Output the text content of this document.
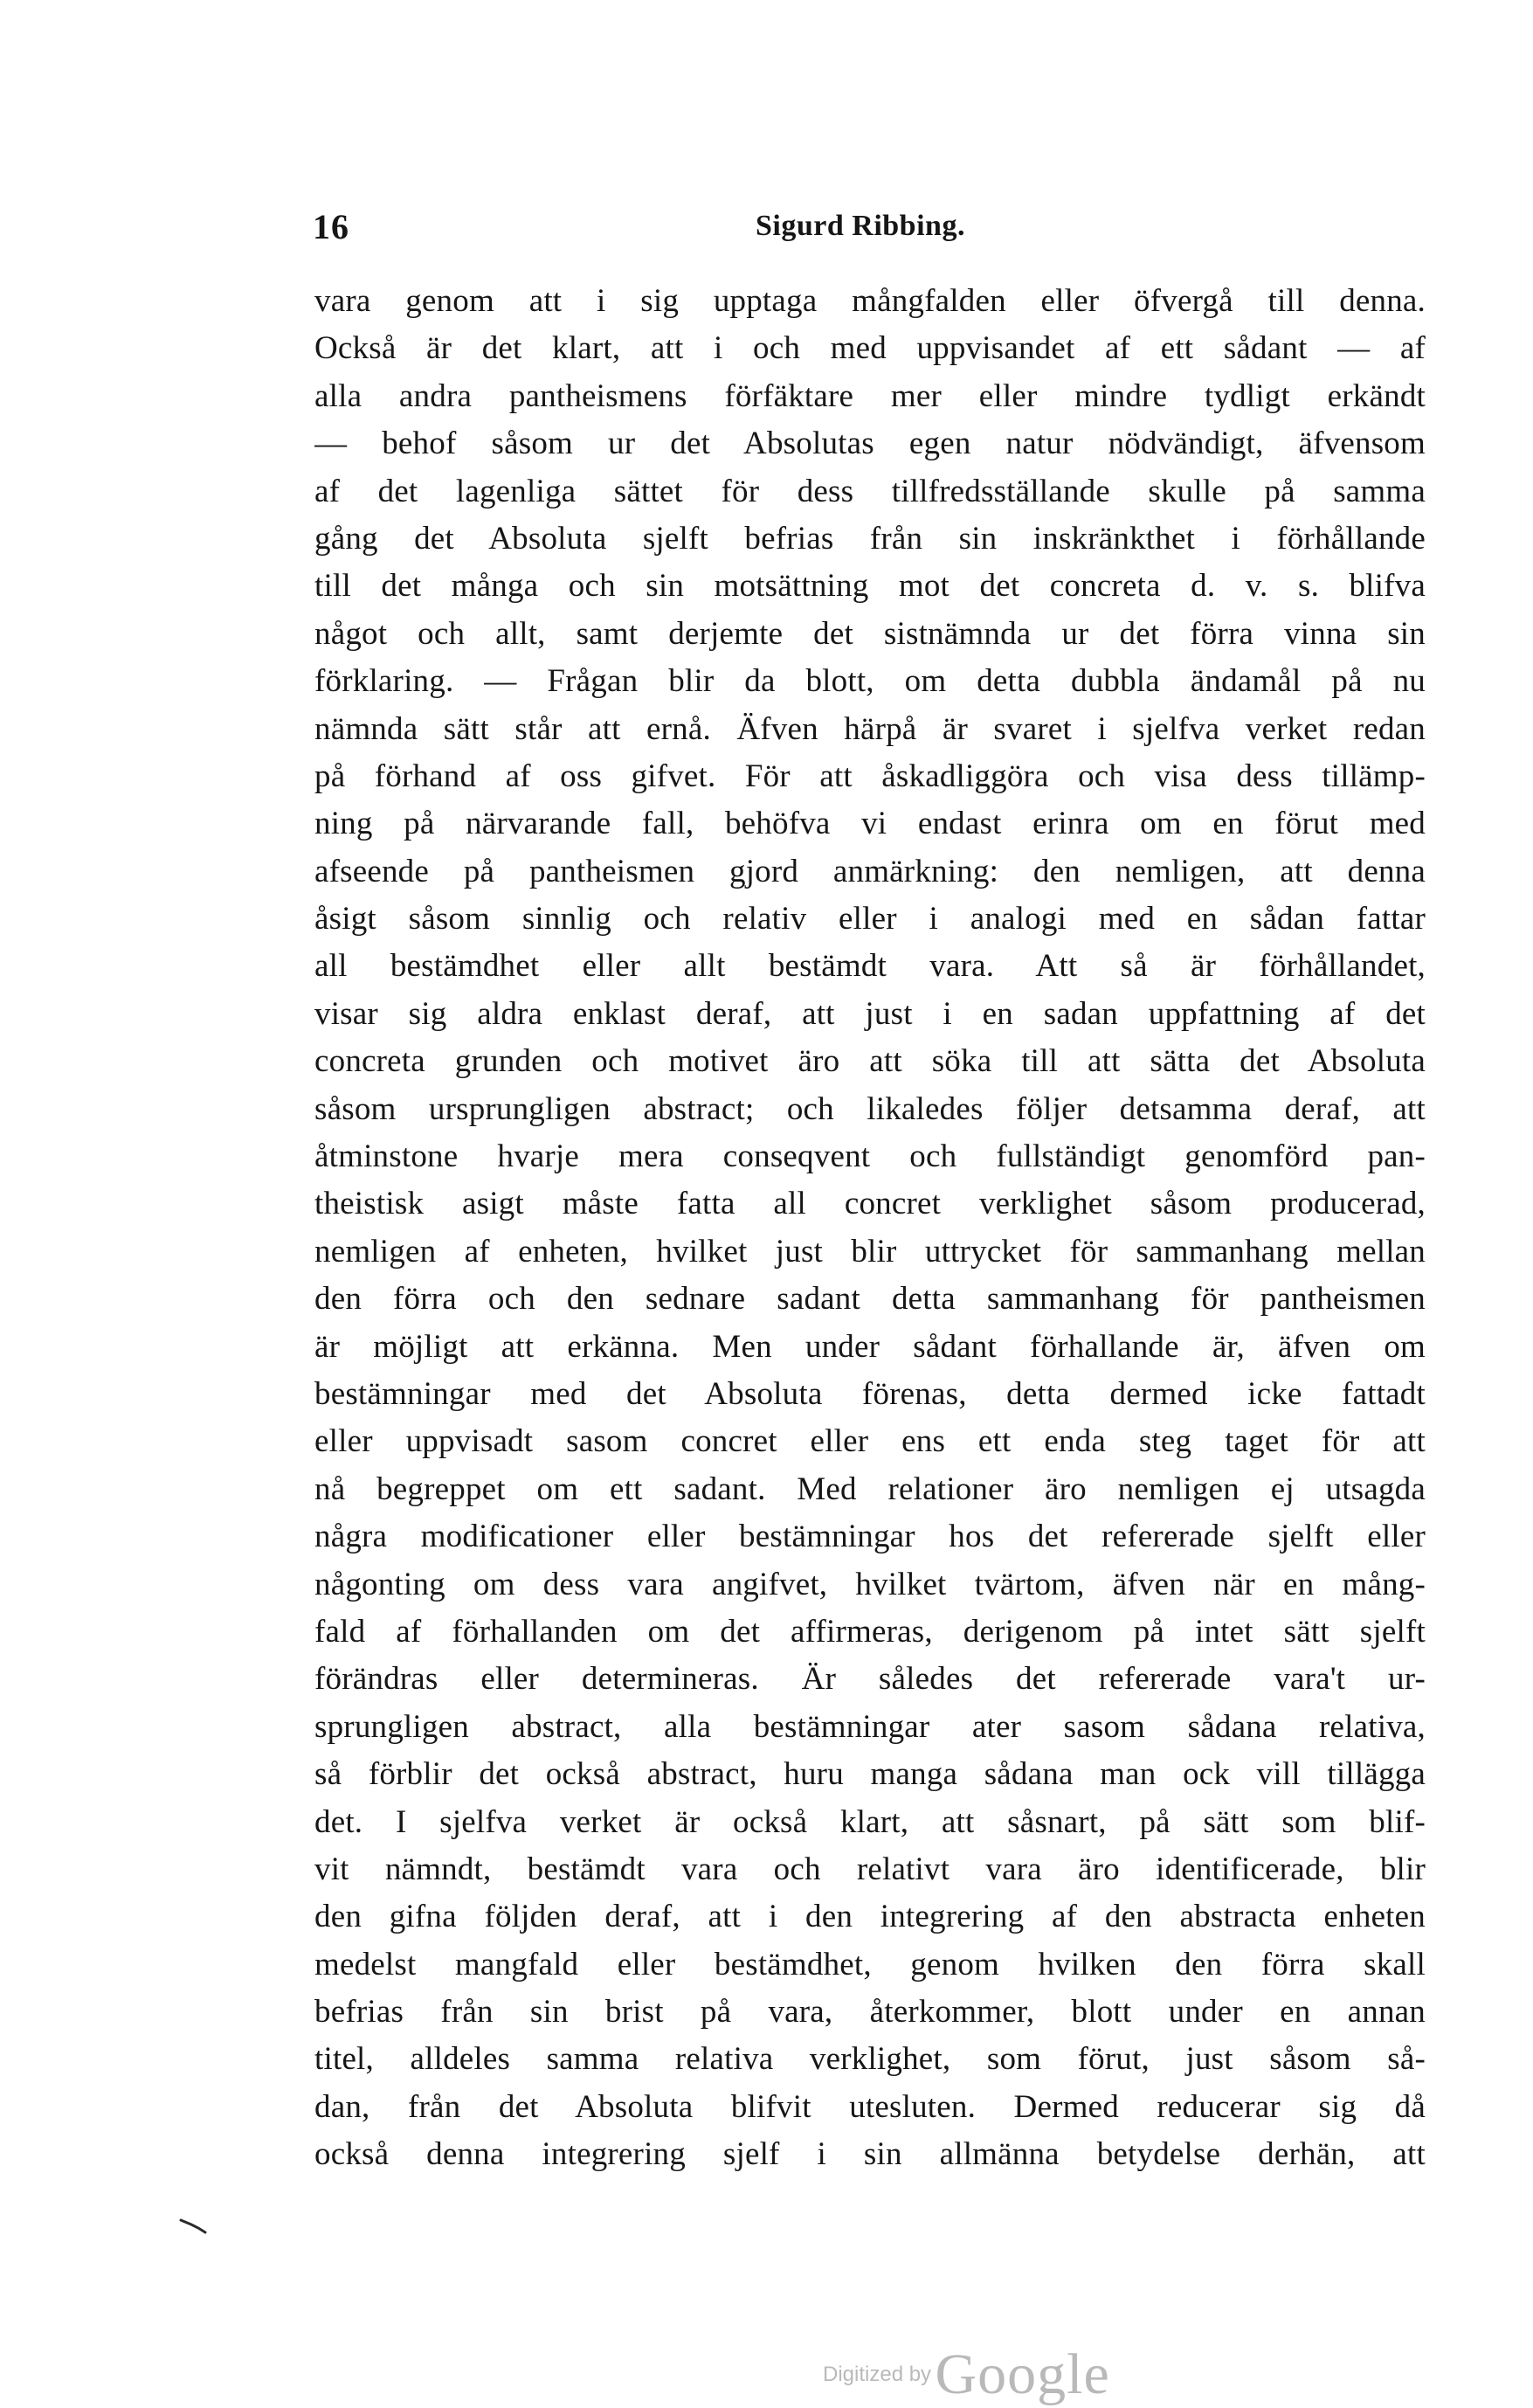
16	Sigurd Ribbing.
vara genom att i sig upptaga mångfalden eller öfvergå till denna.
Också är det klart, att i och med uppvisandet af ett sådant — af
alla andra pantheismens förfäktare mer eller mindre tydligt erkändt
— behof såsom ur det Absolutas egen natur nödvändigt, äfvensom
af det lagenliga sättet för dess tillfredsställande skulle på samma
gång det Absoluta sjelft befrias från sin inskränkthet i förhållande
till det många och sin motsättning mot det concreta d. v. s. blifva
något och allt, samt derjemte det sistnämnda ur det förra vinna sin
förklaring. — Frågan blir da blott, om detta dubbla ändamål på nu
nämnda sätt står att ernå. Äfven härpå är svaret i sjelfva verket redan
på förhand af oss gifvet. För att åskadliggöra och visa dess tillämp-
ning på närvarande fall, behöfva vi endast erinra om en förut med
afseende på pantheismen gjord anmärkning: den nemligen, att denna
åsigt såsom sinnlig och relativ eller i analogi med en sådan fattar
all bestämdhet eller allt bestämdt vara. Att så är förhållandet,
visar sig aldra enklast deraf, att just i en sadan uppfattning af det
concreta grunden och motivet äro att söka till att sätta det Absoluta
såsom ursprungligen abstract; och likaledes följer detsamma deraf, att
åtminstone hvarje mera conseqvent och fullständigt genomförd pan-
theistisk asigt måste fatta all concret verklighet såsom producerad,
nemligen af enheten, hvilket just blir uttrycket för sammanhang mellan
den förra och den sednare sadant detta sammanhang för pantheismen
är möjligt att erkänna. Men under sådant förhallande är, äfven om
bestämningar med det Absoluta förenas, detta dermed icke fattadt
eller uppvisadt sasom concret eller ens ett enda steg taget för att
nå begreppet om ett sadant. Med relationer äro nemligen ej utsagda
några modificationer eller bestämningar hos det refererade sjelft eller
någonting om dess vara angifvet, hvilket tvärtom, äfven när en mång-
fald af förhallanden om det affirmeras, derigenom på intet sätt sjelft
förändras eller determineras. Är således det refererade vara't ur-
sprungligen abstract, alla bestämningar ater sasom sådana relativa,
så förblir det också abstract, huru manga sådana man ock vill tillägga
det. I sjelfva verket är också klart, att såsnart, på sätt som blif-
vit nämndt, bestämdt vara och relativt vara äro identificerade, blir
den gifna följden deraf, att i den integrering af den abstracta enheten
medelst mangfald eller bestämdhet, genom hvilken den förra skall
befrias från sin brist på vara, återkommer, blott under en annan
titel, alldeles samma relativa verklighet, som förut, just såsom så-
dan, från det Absoluta blifvit utesluten. Dermed reducerar sig då
också denna integrering sjelf i sin allmänna betydelse derhän, att
Digitized by Google
